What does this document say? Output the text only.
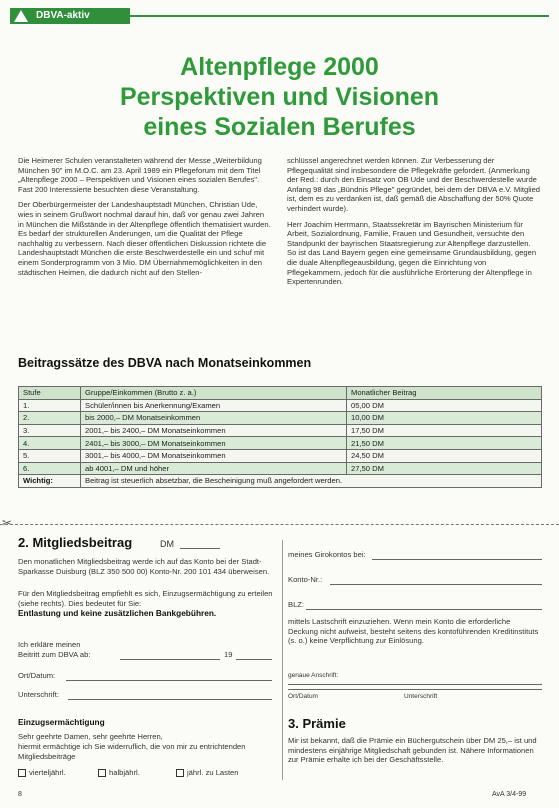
DBVA-aktiv
Altenpflege 2000
Perspektiven und Visionen
eines Sozialen Berufes

Die Heimerer Schulen veranstalteten während der Messe „Weiterbildung München 90" im M.O.C. am 23. April 1989 ein Pflegeforum mit dem Titel „Altenpflege 2000 – Perspektiven und Visionen eines sozialen Berufes". Fast 200 Interessierte besuchten diese Veranstaltung.

Der Oberbürgermeister der Landeshauptstadt München, Christian Ude, wies in seinem Grußwort nochmal darauf hin, daß vor genau zwei Jahren in München die Mißstände in der Altenpflege öffentlich thematisiert wurden. Es bedarf der strukturellen Änderungen, um die Qualität der Pflege nachhaltig zu verbessern. Nach dieser öffentlichen Diskussion richtete die Landeshauptstadt München die erste Beschwerdestelle ein und schuf mit einem Sonderprogramm von 3 Mio. DM Übernahmemöglichkeiten in den städtischen Heimen, die dadurch nicht auf den Stellen-

schlüssel angerechnet werden können. Zur Verbesserung der Pflegequalität sind insbesondere die Pflegekräfte gefordert. (Anmerkung der Red.: durch den Einsatz von OB Ude und der Beschwerdestelle wurde Anfang 98 das „Bündnis Pflege" gegründet, bei dem der DBVA e.V. Mitglied ist, dem es zu verdanken ist, daß gemäß die Abschaffung der 50% Quote verhindert wurde).

Herr Joachim Herrmann, Staatssekretär im Bayrischen Ministerium für Arbeit, Sozialordnung, Familie, Frauen und Gesundheit, versuchte den Standpunkt der bayrischen Staatsregierung zur Altenpflege darzustellen. So ist das Land Bayern gegen eine gemeinsame Grundausbildung, gegen die duale Altenpflegeausbildung, gegen die Einrichtung von Pflegekammern, jedoch für die ausführliche Erörterung der Altenpflege in Expertenrunden.

Beitragssätze des DBVA nach Monatseinkommen
Stufe	Gruppe/Einkommen (Brutto z. a.)	Monatlicher Beitrag
1.	Schüler/innen bis Anerkennung/Examen	05,00 DM
2.	bis 2000,– DM Monatseinkommen	10,00 DM
3.	2001,– bis 2400,– DM Monatseinkommen	17,50 DM
4.	2401,– bis 3000,– DM Monatseinkommen	21,50 DM
5.	3001,– bis 4000,– DM Monatseinkommen	24,50 DM
6.	ab 4001,– DM und höher	27,50 DM
Wichtig:	Beitrag ist steuerlich absetzbar, die Bescheinigung muß angefordert werden.	
✂
2. Mitgliedsbeitrag	DM
Den monatlichen Mitgliedsbeitrag werde ich auf das Konto bei der Stadt-Sparkasse Duisburg (BLZ 350 500 00) Konto-Nr. 200 101 434 überweisen.
Für den Mitgliedsbeitrag empfiehlt es sich, Einzugsermächtigung zu erteilen (siehe rechts). Dies bedeutet für Sie:
Entlastung und keine zusätzlichen Bankgebühren.
Ich erkläre meinen
Beitritt zum DBVA ab:	19
Ort/Datum:
Unterschrift:
Einzugsermächtigung
Sehr geehrte Damen, sehr geehrte Herren,
hiermit ermächtige ich Sie widerruflich, die von mir zu entrichtenden Mitgliedsbeiträge
vierteljährl.	halbjährl.	jährl. zu Lasten
meines Girokontos bei:
Konto-Nr.:
BLZ:
mittels Lastschrift einzuziehen. Wenn mein Konto die erforderliche Deckung nicht aufweist, besteht seitens des kontoführenden Kreditinstituts (s. o.) keine Verpflichtung zur Einlösung.
genaue Anschrift:
Ort/Datum	Unterschrift
3. Prämie
Mir ist bekannt, daß die Prämie ein Büchergutschein über DM 25,– ist und mindestens einjährige Mitgliedschaft gebunden ist. Nähere Informationen zur Prämie erhalte ich bei der Geschäftsstelle.
8	AvA 3/4-99
